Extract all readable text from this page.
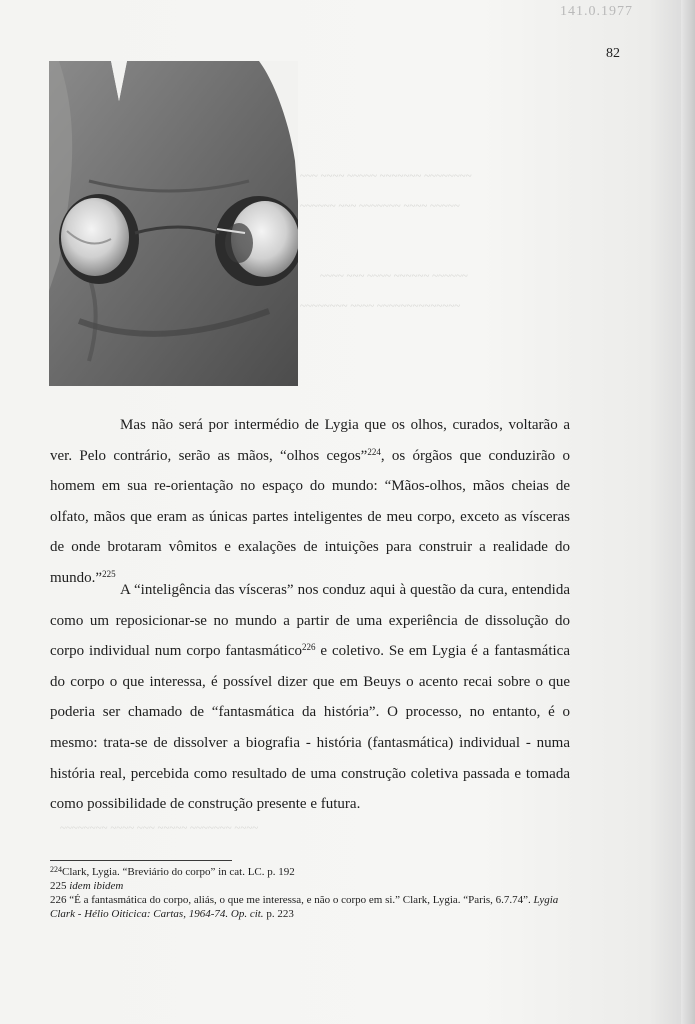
141.0.1977
82
~~~ ~~~~ ~~~~~ ~~~~~~~ ~~~~~~~~
~~~~~~ ~~~ ~~~~~~~ ~~~~ ~~~~~
~~~~ ~~~ ~~~~ ~~~~~~ ~~~~~~
~~~~~~~~ ~~~~ ~~~~~~~~~~~~~~

Mas não será por intermédio de Lygia que os olhos, curados, voltarão a ver. Pelo contrário, serão as mãos, “olhos cegos”$^{224}$, os órgãos que conduzirão o homem em sua re-orientação no espaço do mundo: “Mãos-olhos, mãos cheias de olfato, mãos que eram as únicas partes inteligentes de meu corpo, exceto as vísceras de onde brotaram vômitos e exalações de intuições para construir a realidade do mundo.”$^{225}$

A “inteligência das vísceras” nos conduz aqui à questão da cura, entendida como um reposicionar-se no mundo a partir de uma experiência de dissolução do corpo individual num corpo fantasmático$^{226}$ e coletivo. Se em Lygia é a fantasmática do corpo o que interessa, é possível dizer que em Beuys o acento recai sobre o que poderia ser chamado de “fantasmática da história”. O processo, no entanto, é o mesmo: trata-se de dissolver a biografia - história (fantasmática) individual - numa história real, percebida como resultado de uma construção coletiva passada e tomada como possibilidade de construção presente e futura.

~~~~~~~~ ~~~~ ~~~ ~~~~~ ~~~~~~~ ~~~~

$^{224}$Clark, Lygia. “Breviário do corpo” in cat. LC. p. 192

225 idem ibidem

226 “É a fantasmática do corpo, aliás, o que me interessa, e não o corpo em si.” Clark, Lygia. “Paris, 6.7.74”. Lygia Clark - Hélio Oiticica: Cartas, 1964-74. Op. cit. p. 223
